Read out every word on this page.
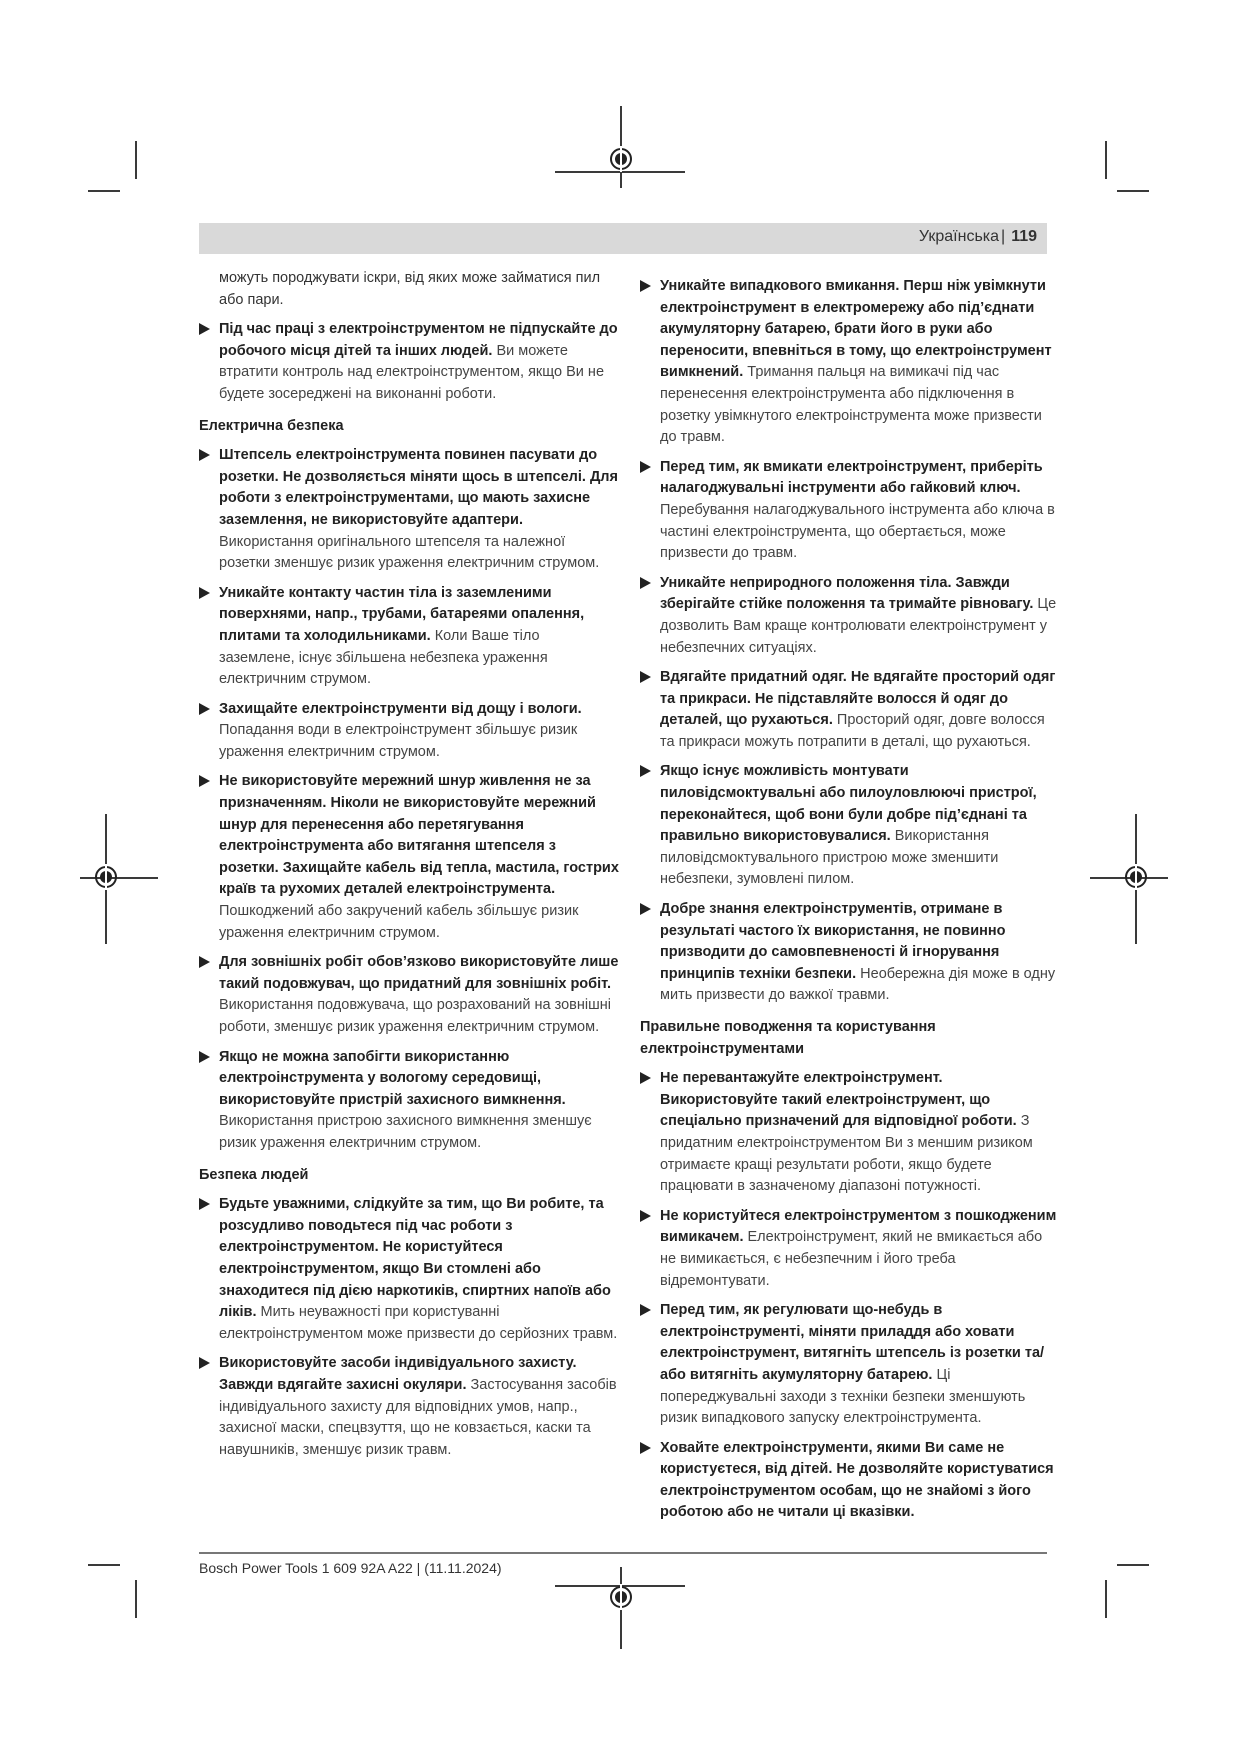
Українська | 119
можуть породжувати іскри, від яких може займатися пил або пари.
Під час праці з електроінструментом не підпускайте до робочого місця дітей та інших людей. Ви можете втратити контроль над електроінструментом, якщо Ви не будете зосереджені на виконанні роботи.
Електрична безпека
Штепсель електроінструмента повинен пасувати до розетки. Не дозволяється міняти щось в штепселі. Для роботи з електроінструментами, що мають захисне заземлення, не використовуйте адаптери. Використання оригінального штепселя та належної розетки зменшує ризик ураження електричним струмом.
Уникайте контакту частин тіла із заземленими поверхнями, напр., трубами, батареями опалення, плитами та холодильниками. Коли Ваше тіло заземлене, існує збільшена небезпека ураження електричним струмом.
Захищайте електроінструменти від дощу і вологи. Попадання води в електроінструмент збільшує ризик ураження електричним струмом.
Не використовуйте мережний шнур живлення не за призначенням. Ніколи не використовуйте мережний шнур для перенесення або перетягування електроінструмента або витягання штепселя з розетки. Захищайте кабель від тепла, мастила, гострих країв та рухомих деталей електроінструмента. Пошкоджений або закручений кабель збільшує ризик ураження електричним струмом.
Для зовнішніх робіт обов’язково використовуйте лише такий подовжувач, що придатний для зовнішніх робіт. Використання подовжувача, що розрахований на зовнішні роботи, зменшує ризик ураження електричним струмом.
Якщо не можна запобігти використанню електроінструмента у вологому середовищі, використовуйте пристрій захисного вимкнення. Використання пристрою захисного вимкнення зменшує ризик ураження електричним струмом.
Безпека людей
Будьте уважними, слідкуйте за тим, що Ви робите, та розсудливо поводьтеся під час роботи з електроінструментом. Не користуйтеся електроінструментом, якщо Ви стомлені або знаходитеся під дією наркотиків, спиртних напоїв або ліків. Мить неуважності при користуванні електроінструментом може призвести до серйозних травм.
Використовуйте засоби індивідуального захисту. Завжди вдягайте захисні окуляри. Застосування засобів індивідуального захисту для відповідних умов, напр., захисної маски, спецвзуття, що не ковзається, каски та навушників, зменшує ризик травм.
Уникайте випадкового вмикання. Перш ніж увімкнути електроінструмент в електромережу або під’єднати акумуляторну батарею, брати його в руки або переносити, впевніться в тому, що електроінструмент вимкнений. Тримання пальця на вимикачі під час перенесення електроінструмента або підключення в розетку увімкнутого електроінструмента може призвести до травм.
Перед тим, як вмикати електроінструмент, приберіть налагоджувальні інструменти або гайковий ключ. Перебування налагоджувального інструмента або ключа в частині електроінструмента, що обертається, може призвести до травм.
Уникайте неприродного положення тіла. Завжди зберігайте стійке положення та тримайте рівновагу. Це дозволить Вам краще контролювати електроінструмент у небезпечних ситуаціях.
Вдягайте придатний одяг. Не вдягайте просторий одяг та прикраси. Не підставляйте волосся й одяг до деталей, що рухаються. Просторий одяг, довге волосся та прикраси можуть потрапити в деталі, що рухаються.
Якщо існує можливість монтувати пиловідсмоктувальні або пилоуловлюючі пристрої, переконайтеся, щоб вони були добре під’єднані та правильно використовувалися. Використання пиловідсмоктувального пристрою може зменшити небезпеки, зумовлені пилом.
Добре знання електроінструментів, отримане в результаті частого їх використання, не повинно призводити до самовпевненості й ігнорування принципів техніки безпеки. Необережна дія може в одну мить призвести до важкої травми.
Правильне поводження та користування електроінструментами
Не перевантажуйте електроінструмент. Використовуйте такий електроінструмент, що спеціально призначений для відповідної роботи. З придатним електроінструментом Ви з меншим ризиком отримаєте кращі результати роботи, якщо будете працювати в зазначеному діапазоні потужності.
Не користуйтеся електроінструментом з пошкодженим вимикачем. Електроінструмент, який не вмикається або не вимикається, є небезпечним і його треба відремонтувати.
Перед тим, як регулювати що-небудь в електроінструменті, міняти приладдя або ховати електроінструмент, витягніть штепсель із розетки та/або витягніть акумуляторну батарею. Ці попереджувальні заходи з техніки безпеки зменшують ризик випадкового запуску електроінструмента.
Ховайте електроінструменти, якими Ви саме не користуєтеся, від дітей. Не дозволяйте користуватися електроінструментом особам, що не знайомі з його роботою або не читали ці вказівки.
Bosch Power Tools 1 609 92A A22 | (11.11.2024)
